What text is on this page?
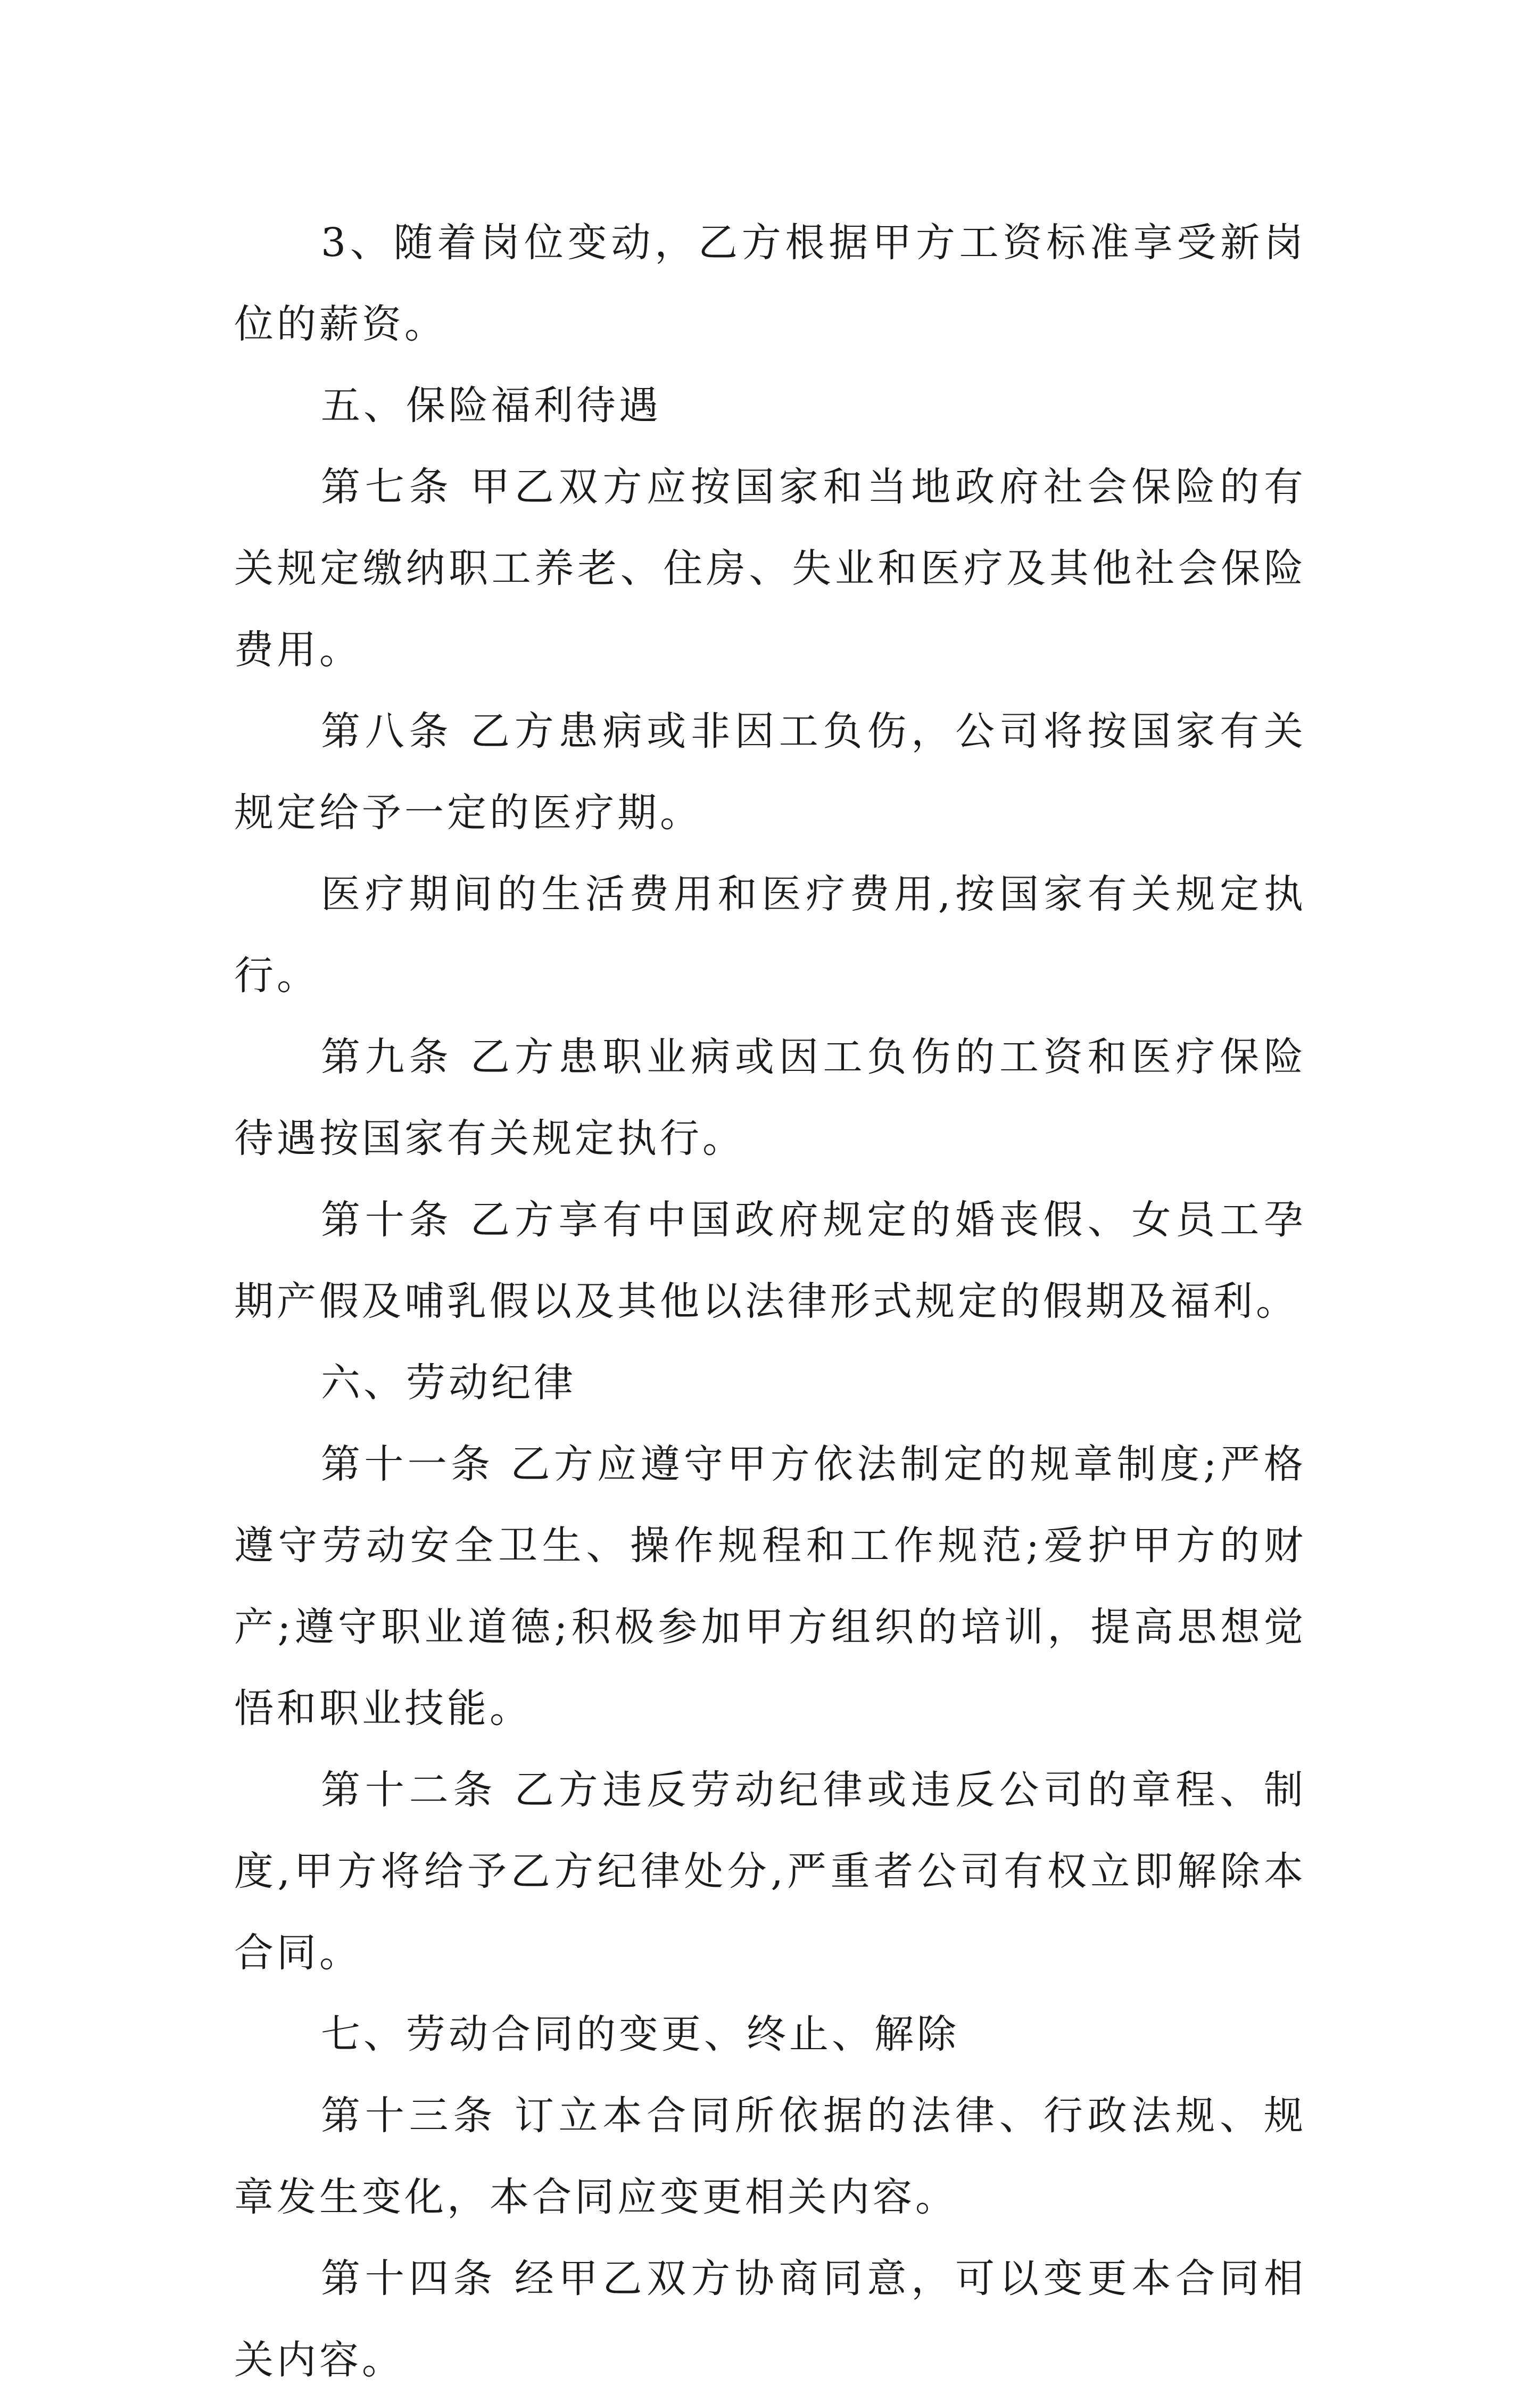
3、随着岗位变动，乙方根据甲方工资标准享受新岗位的薪资。

五、保险福利待遇

第七条 甲乙双方应按国家和当地政府社会保险的有关规定缴纳职工养老、住房、失业和医疗及其他社会保险费用。

第八条 乙方患病或非因工负伤，公司将按国家有关规定给予一定的医疗期。

医疗期间的生活费用和医疗费用,按国家有关规定执行。

第九条 乙方患职业病或因工负伤的工资和医疗保险待遇按国家有关规定执行。

第十条 乙方享有中国政府规定的婚丧假、女员工孕期产假及哺乳假以及其他以法律形式规定的假期及福利。

六、劳动纪律

第十一条 乙方应遵守甲方依法制定的规章制度;严格遵守劳动安全卫生、操作规程和工作规范;爱护甲方的财产;遵守职业道德;积极参加甲方组织的培训，提高思想觉悟和职业技能。

第十二条 乙方违反劳动纪律或违反公司的章程、制度,甲方将给予乙方纪律处分,严重者公司有权立即解除本合同。

七、劳动合同的变更、终止、解除

第十三条 订立本合同所依据的法律、行政法规、规章发生变化，本合同应变更相关内容。

第十四条 经甲乙双方协商同意，可以变更本合同相关内容。
